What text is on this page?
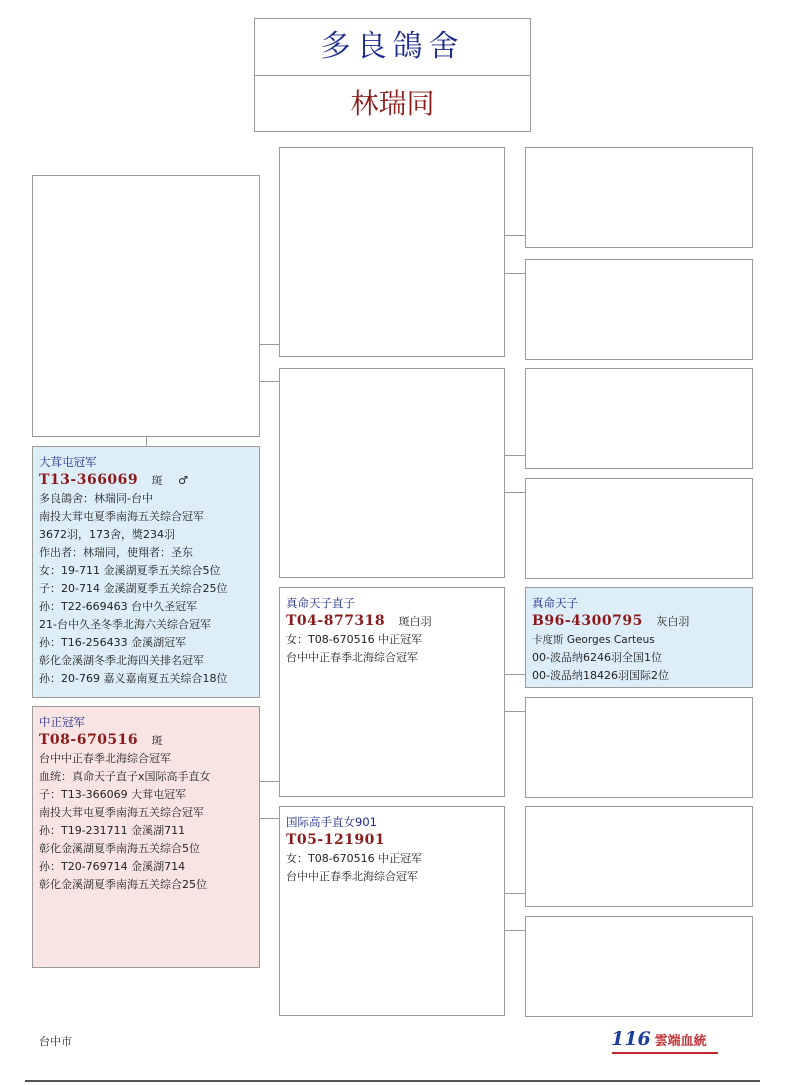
多良鴿舍
林瑞同
大茸屯冠军
T13-366069 斑 ♂
多良鴿舍：林瑞同-台中
南投大茸屯夏季南海五关综合冠军
3672羽，173舍，獎234羽
作出者：林瑞同，使翔者：圣东
女：19-711 金溪湖夏季五关综合5位
子：20-714 金溪湖夏季五关综合25位
孙：T22-669463 台中久圣冠军
21-台中久圣冬季北海六关综合冠军
孙：T16-256433 金溪湖冠军
彰化金溪湖冬季北海四关排名冠军
孙：20-769 嘉义嘉南夏五关综合18位
中正冠军
T08-670516 斑
台中中正春季北海综合冠军
血统：真命天子直子x国际高手直女
子：T13-366069 大茸屯冠军
南投大茸屯夏季南海五关综合冠军
孙：T19-231711 金溪湖711
彰化金溪湖夏季南海五关综合5位
孙：T20-769714 金溪湖714
彰化金溪湖夏季南海五关综合25位
真命天子直子
T04-877318 斑白羽
女：T08-670516 中正冠军
台中中正春季北海综合冠军
国际高手直女901
T05-121901
女：T08-670516 中正冠军
台中中正春季北海综合冠军
真命天子
B96-4300795 灰白羽
卡度斯 Georges Carteus
00-波品纳6246羽全国1位
00-波品纳18426羽国际2位
台中市	116 雲端血統
